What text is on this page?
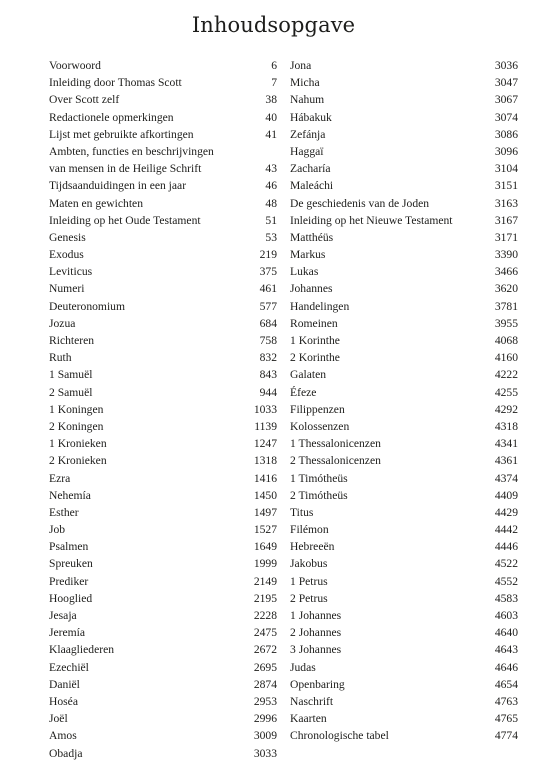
Inhoudsopgave
Voorwoord	6
Inleiding door Thomas Scott	7
Over Scott zelf	38
Redactionele opmerkingen	40
Lijst met gebruikte afkortingen	41
Ambten, functies en beschrijvingen
van mensen in de Heilige Schrift	43
Tijdsaanduidingen in een jaar	46
Maten en gewichten	48
Inleiding op het Oude Testament	51
Genesis	53
Exodus	219
Leviticus	375
Numeri	461
Deuteronomium	577
Jozua	684
Richteren	758
Ruth	832
1 Samuël	843
2 Samuël	944
1 Koningen	1033
2 Koningen	1139
1 Kronieken	1247
2 Kronieken	1318
Ezra	1416
Nehemía	1450
Esther	1497
Job	1527
Psalmen	1649
Spreuken	1999
Prediker	2149
Hooglied	2195
Jesaja	2228
Jeremía	2475
Klaagliederen	2672
Ezechiël	2695
Daniël	2874
Hoséa	2953
Joël	2996
Amos	3009
Obadja	3033
Jona	3036
Micha	3047
Nahum	3067
Hábakuk	3074
Zefánja	3086
Haggaï	3096
Zacharía	3104
Maleáchi	3151
De geschiedenis van de Joden	3163
Inleiding op het Nieuwe Testament	3167
Matthéüs	3171
Markus	3390
Lukas	3466
Johannes	3620
Handelingen	3781
Romeinen	3955
1 Korinthe	4068
2 Korinthe	4160
Galaten	4222
Éfeze	4255
Filippenzen	4292
Kolossenzen	4318
1 Thessalonicenzen	4341
2 Thessalonicenzen	4361
1 Timótheüs	4374
2 Timótheüs	4409
Titus	4429
Filémon	4442
Hebreeën	4446
Jakobus	4522
1 Petrus	4552
2 Petrus	4583
1 Johannes	4603
2 Johannes	4640
3 Johannes	4643
Judas	4646
Openbaring	4654
Naschrift	4763
Kaarten	4765
Chronologische tabel	4774
